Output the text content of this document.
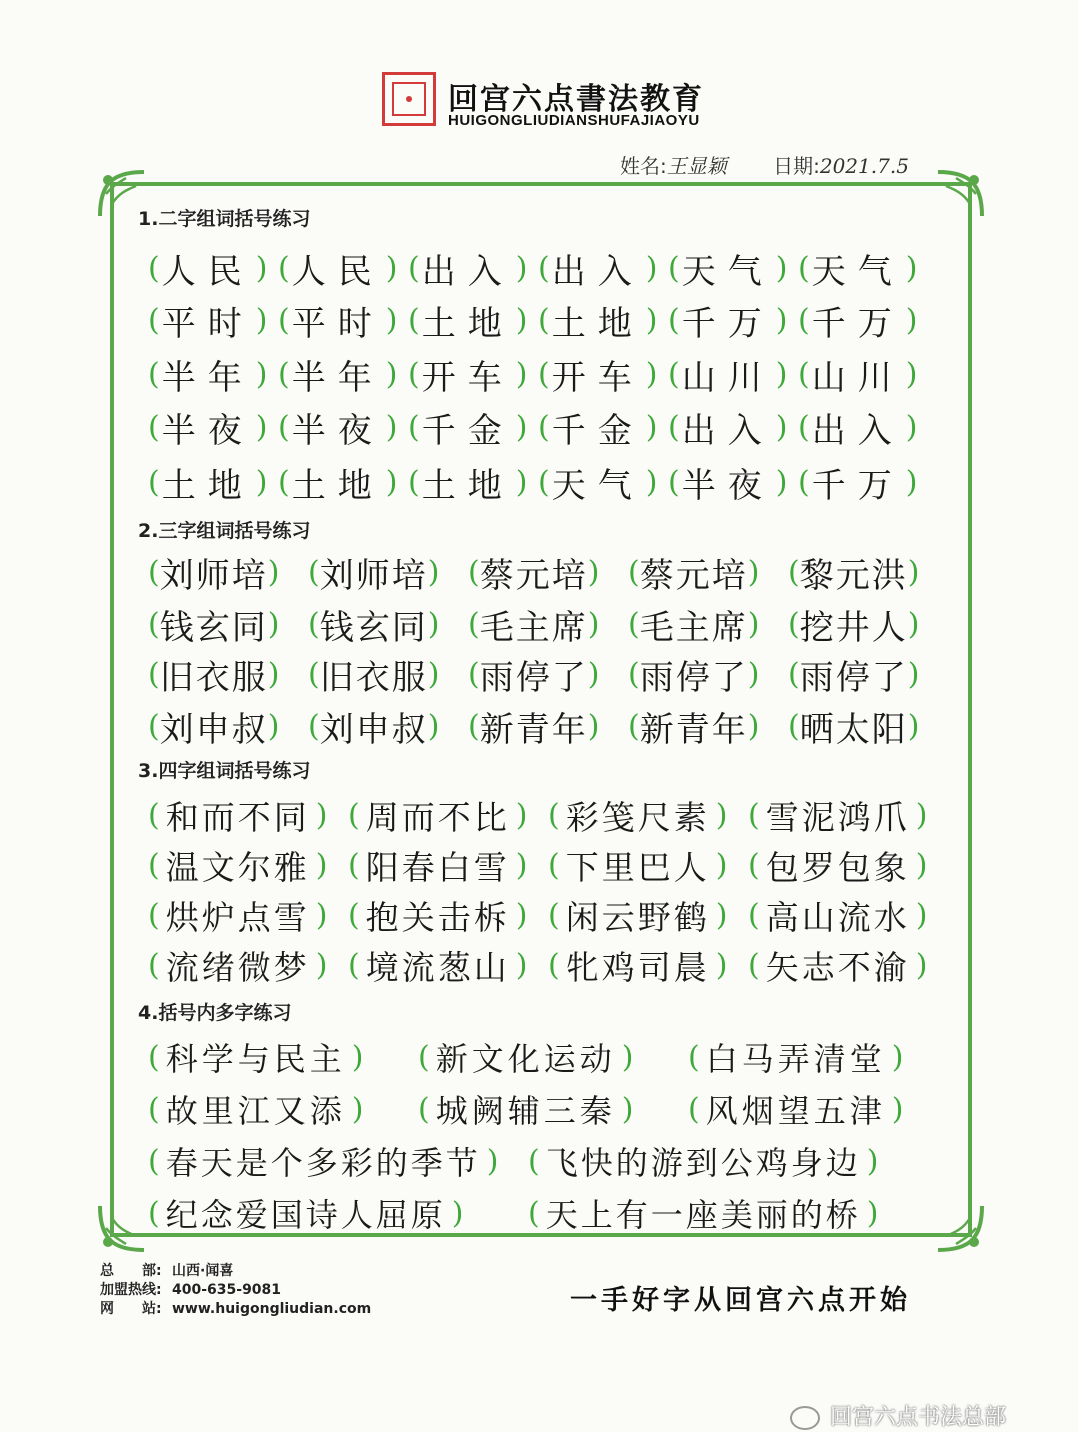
回宫六点書法教育
HUIGONGLIUDIANSHUFAJIAOYU
姓名:王显颖 日期:2021.7.5
1.二字组词括号练习
( 人民 ) ( 人民 ) ( 出入 ) ( 出入 ) ( 天气 ) ( 天气 )
( 平时 ) ( 平时 ) ( 土地 ) ( 土地 ) ( 千万 ) ( 千万 )
( 半年 ) ( 半年 ) ( 开车 ) ( 开车 ) ( 山川 ) ( 山川 )
( 半夜 ) ( 半夜 ) ( 千金 ) ( 千金 ) ( 出入 ) ( 出入 )
( 土地 ) ( 土地 ) ( 土地 ) ( 天气 ) ( 半夜 ) ( 千万 )
2.三字组词括号练习
( 刘师培 ) ( 刘师培 ) ( 蔡元培 ) ( 蔡元培 ) ( 黎元洪 )
( 钱玄同 ) ( 钱玄同 ) ( 毛主席 ) ( 毛主席 ) ( 挖井人 )
( 旧衣服 ) ( 旧衣服 ) ( 雨停了 ) ( 雨停了 ) ( 雨停了 )
( 刘申叔 ) ( 刘申叔 ) ( 新青年 ) ( 新青年 ) ( 晒太阳 )
3.四字组词括号练习
( 和而不同 ) ( 周而不比 ) ( 彩笺尺素 ) ( 雪泥鸿爪 )
( 温文尔雅 ) ( 阳春白雪 ) ( 下里巴人 ) ( 包罗包象 )
( 烘炉点雪 ) ( 抱关击柝 ) ( 闲云野鹤 ) ( 高山流水 )
( 流绪微梦 ) ( 境流葱山 ) ( 牝鸡司晨 ) ( 矢志不渝 )
4.括号内多字练习
( 科学与民主 ) ( 新文化运动 ) ( 白马弄清堂 )
( 故里江又添 ) ( 城阙辅三秦 ) ( 风烟望五津 )
( 春天是个多彩的季节 ) ( 飞快的游到公鸡身边 )
( 纪念爱国诗人屈原 ) ( 天上有一座美丽的桥 )
总　　部: 山西·闻喜
加盟热线: 400-635-9081
网　　站: www.huigongliudian.com	一手好字从回宫六点开始
回宫六点书法总部
